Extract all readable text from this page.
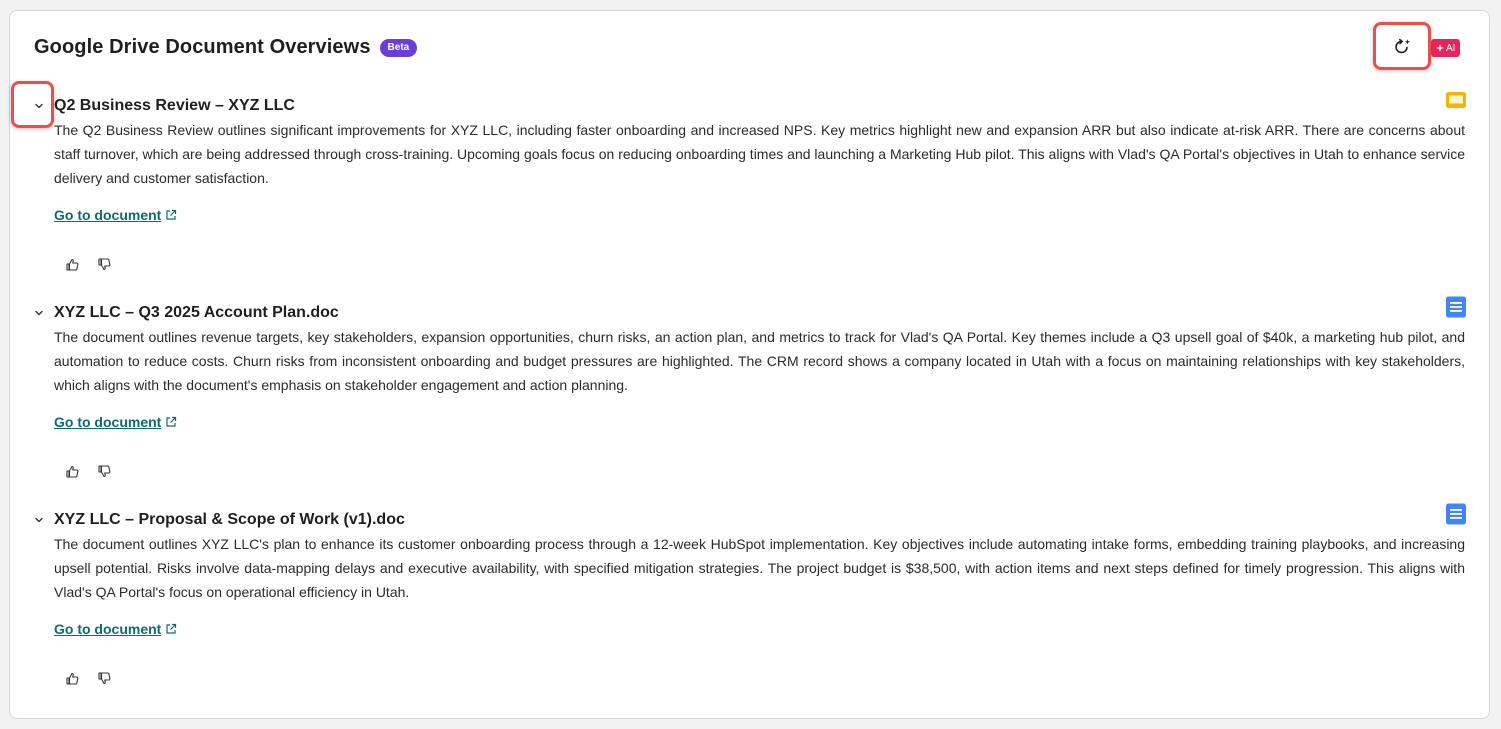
Google Drive Document Overviews	Beta	AI
Q2 Business Review – XYZ LLC

The Q2 Business Review outlines significant improvements for XYZ LLC, including faster onboarding and increased NPS. Key metrics highlight new and expansion ARR but also indicate at-risk ARR. There are concerns about staff turnover, which are being addressed through cross-training. Upcoming goals focus on reducing onboarding times and launching a Marketing Hub pilot. This aligns with Vlad's QA Portal's objectives in Utah to enhance service delivery and customer satisfaction.

Go to document
XYZ LLC – Q3 2025 Account Plan.doc

The document outlines revenue targets, key stakeholders, expansion opportunities, churn risks, an action plan, and metrics to track for Vlad's QA Portal. Key themes include a Q3 upsell goal of $40k, a marketing hub pilot, and automation to reduce costs. Churn risks from inconsistent onboarding and budget pressures are highlighted. The CRM record shows a company located in Utah with a focus on maintaining relationships with key stakeholders, which aligns with the document's emphasis on stakeholder engagement and action planning.

Go to document
XYZ LLC – Proposal & Scope of Work (v1).doc

The document outlines XYZ LLC's plan to enhance its customer onboarding process through a 12-week HubSpot implementation. Key objectives include automating intake forms, embedding training playbooks, and increasing upsell potential. Risks involve data-mapping delays and executive availability, with specified mitigation strategies. The project budget is $38,500, with action items and next steps defined for timely progression. This aligns with Vlad's QA Portal's focus on operational efficiency in Utah.

Go to document
